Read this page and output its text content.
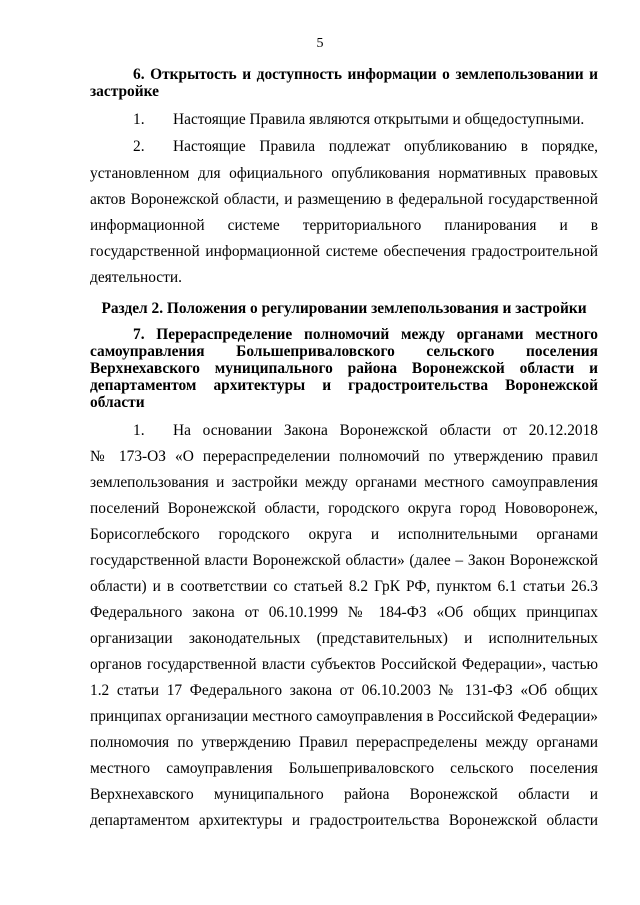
5
6. Открытость и доступность информации о землепользовании и
застройке
1. Настоящие Правила являются открытыми и общедоступными.
2. Настоящие Правила подлежат опубликованию в порядке,
установленном для официального опубликования нормативных правовых
актов Воронежской области, и размещению в федеральной государственной
информационной системе территориального планирования и в
государственной информационной системе обеспечения градостроительной
деятельности.
Раздел 2. Положения о регулировании землепользования и застройки
7. Перераспределение полномочий между органами местного
самоуправления Большеприваловского сельского поселения
Верхнехавского муниципального района Воронежской области и
департаментом архитектуры и градостроительства Воронежской
области
1. На основании Закона Воронежской области от 20.12.2018
№ 173-ОЗ «О перераспределении полномочий по утверждению правил
землепользования и застройки между органами местного самоуправления
поселений Воронежской области, городского округа город Нововоронеж,
Борисоглебского городского округа и исполнительными органами
государственной власти Воронежской области» (далее – Закон Воронежской
области) и в соответствии со статьей 8.2 ГрК РФ, пунктом 6.1 статьи 26.3
Федерального закона от 06.10.1999 № 184-ФЗ «Об общих принципах
организации законодательных (представительных) и исполнительных
органов государственной власти субъектов Российской Федерации», частью
1.2 статьи 17 Федерального закона от 06.10.2003 № 131-ФЗ «Об общих
принципах организации местного самоуправления в Российской Федерации»
полномочия по утверждению Правил перераспределены между органами
местного самоуправления Большеприваловского сельского поселения
Верхнехавского муниципального района Воронежской области и
департаментом архитектуры и градостроительства Воронежской области
